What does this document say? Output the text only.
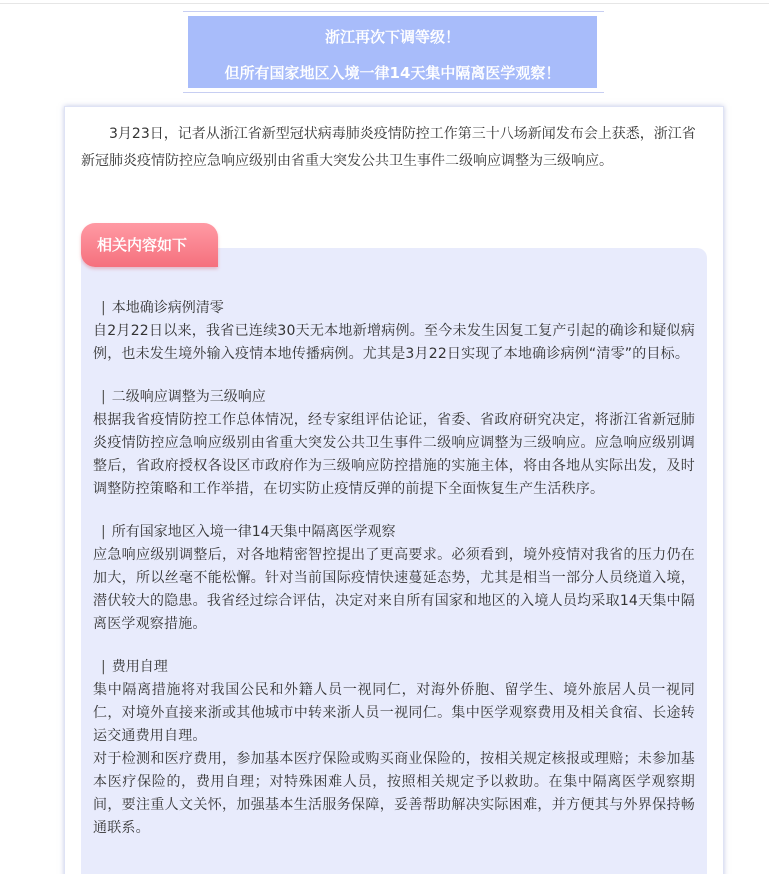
浙江再次下调等级！
但所有国家地区入境一律14天集中隔离医学观察！

3月23日，记者从浙江省新型冠状病毒肺炎疫情防控工作第三十八场新闻发布会上获悉，浙江省新冠肺炎疫情防控应急响应级别由省重大突发公共卫生事件二级响应调整为三级响应。

相关内容如下
| 本地确诊病例清零

自2月22日以来，我省已连续30天无本地新增病例。至今未发生因复工复产引起的确诊和疑似病例，也未发生境外输入疫情本地传播病例。尤其是3月22日实现了本地确诊病例“清零”的目标。

| 二级响应调整为三级响应

根据我省疫情防控工作总体情况，经专家组评估论证，省委、省政府研究决定，将浙江省新冠肺炎疫情防控应急响应级别由省重大突发公共卫生事件二级响应调整为三级响应。应急响应级别调整后，省政府授权各设区市政府作为三级响应防控措施的实施主体，将由各地从实际出发，及时调整防控策略和工作举措，在切实防止疫情反弹的前提下全面恢复生产生活秩序。

| 所有国家地区入境一律14天集中隔离医学观察

应急响应级别调整后，对各地精密智控提出了更高要求。必须看到，境外疫情对我省的压力仍在加大，所以丝毫不能松懈。针对当前国际疫情快速蔓延态势，尤其是相当一部分人员绕道入境，潜伏较大的隐患。我省经过综合评估，决定对来自所有国家和地区的入境人员均采取14天集中隔离医学观察措施。

| 费用自理

集中隔离措施将对我国公民和外籍人员一视同仁，对海外侨胞、留学生、境外旅居人员一视同仁，对境外直接来浙或其他城市中转来浙人员一视同仁。集中医学观察费用及相关食宿、长途转运交通费用自理。

对于检测和医疗费用，参加基本医疗保险或购买商业保险的，按相关规定核报或理赔；未参加基本医疗保险的，费用自理；对特殊困难人员，按照相关规定予以救助。在集中隔离医学观察期间，要注重人文关怀，加强基本生活服务保障，妥善帮助解决实际困难，并方便其与外界保持畅通联系。
